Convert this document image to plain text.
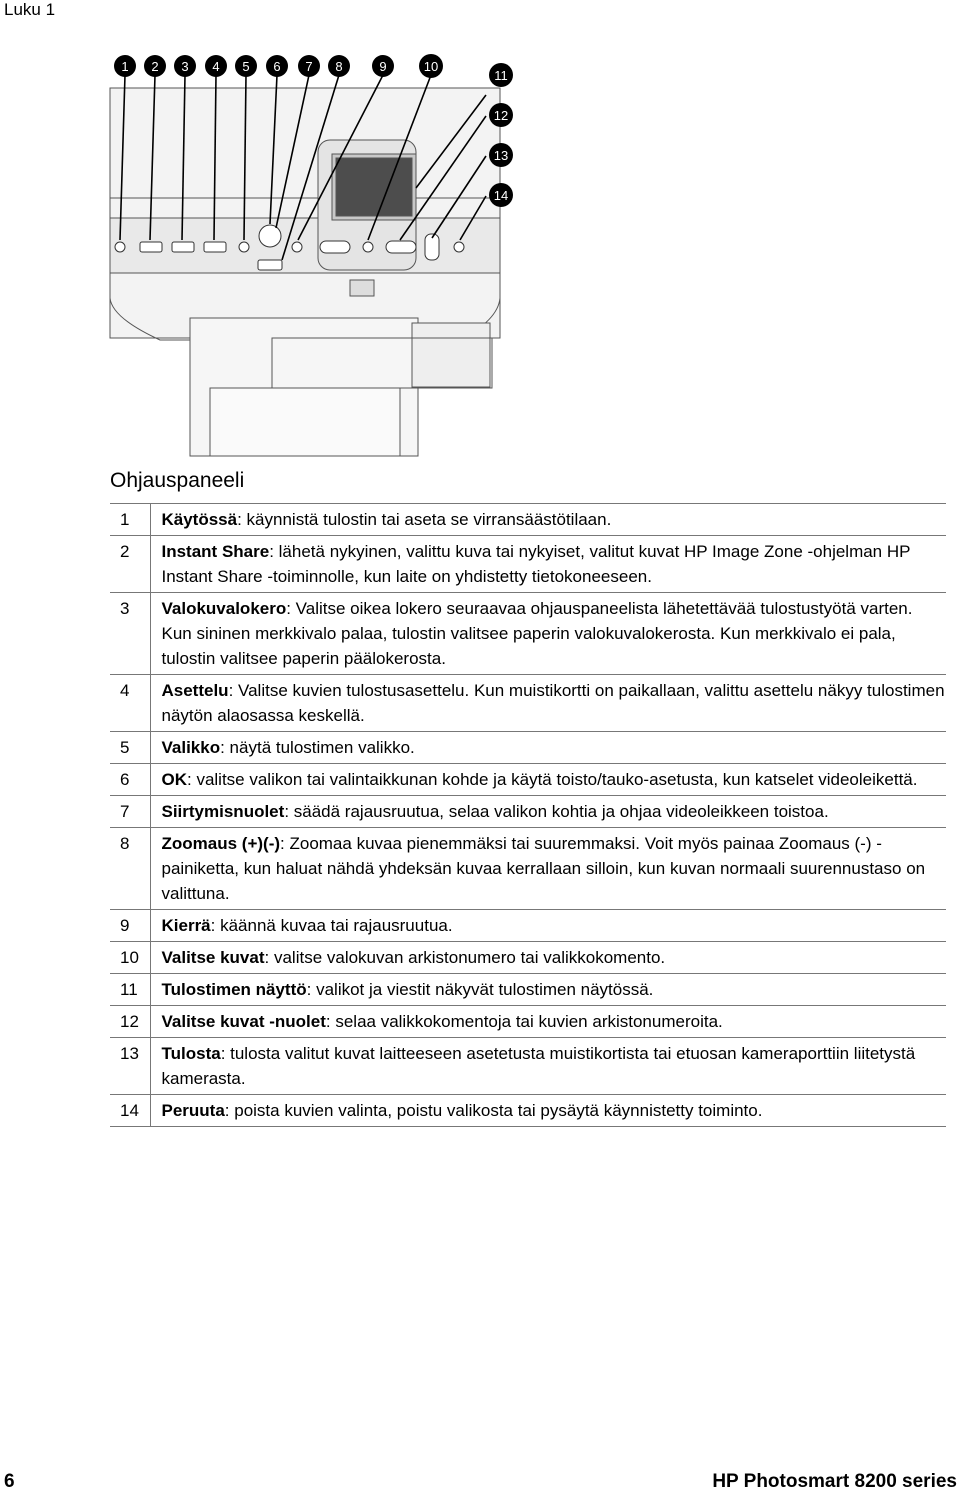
Luku 1
1 2 3 4 5 6 7 8	9	10
11
12
13
14
Ohjauspaneeli
1	Käytössä: käynnistä tulostin tai aseta se virransäästötilaan.
2	Instant Share: lähetä nykyinen, valittu kuva tai nykyiset, valitut kuvat HP Image Zone -ohjelman HP Instant Share -toiminnolle, kun laite on yhdistetty tietokoneeseen.
3	Valokuvalokero: Valitse oikea lokero seuraavaa ohjauspaneelista lähetettävää tulostustyötä varten. Kun sininen merkkivalo palaa, tulostin valitsee paperin valokuvalokerosta. Kun merkkivalo ei pala, tulostin valitsee paperin päälokerosta.
4	Asettelu: Valitse kuvien tulostusasettelu. Kun muistikortti on paikallaan, valittu asettelu näkyy tulostimen näytön alaosassa keskellä.
5	Valikko: näytä tulostimen valikko.
6	OK: valitse valikon tai valintaikkunan kohde ja käytä toisto/tauko-asetusta, kun katselet videoleikettä.
7	Siirtymisnuolet: säädä rajausruutua, selaa valikon kohtia ja ohjaa videoleikkeen toistoa.
8	Zoomaus (+)(-): Zoomaa kuvaa pienemmäksi tai suuremmaksi. Voit myös painaa Zoomaus (-) -painiketta, kun haluat nähdä yhdeksän kuvaa kerrallaan silloin, kun kuvan normaali suurennustaso on valittuna.
9	Kierrä: käännä kuvaa tai rajausruutua.
10	Valitse kuvat: valitse valokuvan arkistonumero tai valikkokomento.
11	Tulostimen näyttö: valikot ja viestit näkyvät tulostimen näytössä.
12	Valitse kuvat -nuolet: selaa valikkokomentoja tai kuvien arkistonumeroita.
13	Tulosta: tulosta valitut kuvat laitteeseen asetetusta muistikortista tai etuosan kameraporttiin liitetystä kamerasta.
14	Peruuta: poista kuvien valinta, poistu valikosta tai pysäytä käynnistetty toiminto.
6	HP Photosmart 8200 series
